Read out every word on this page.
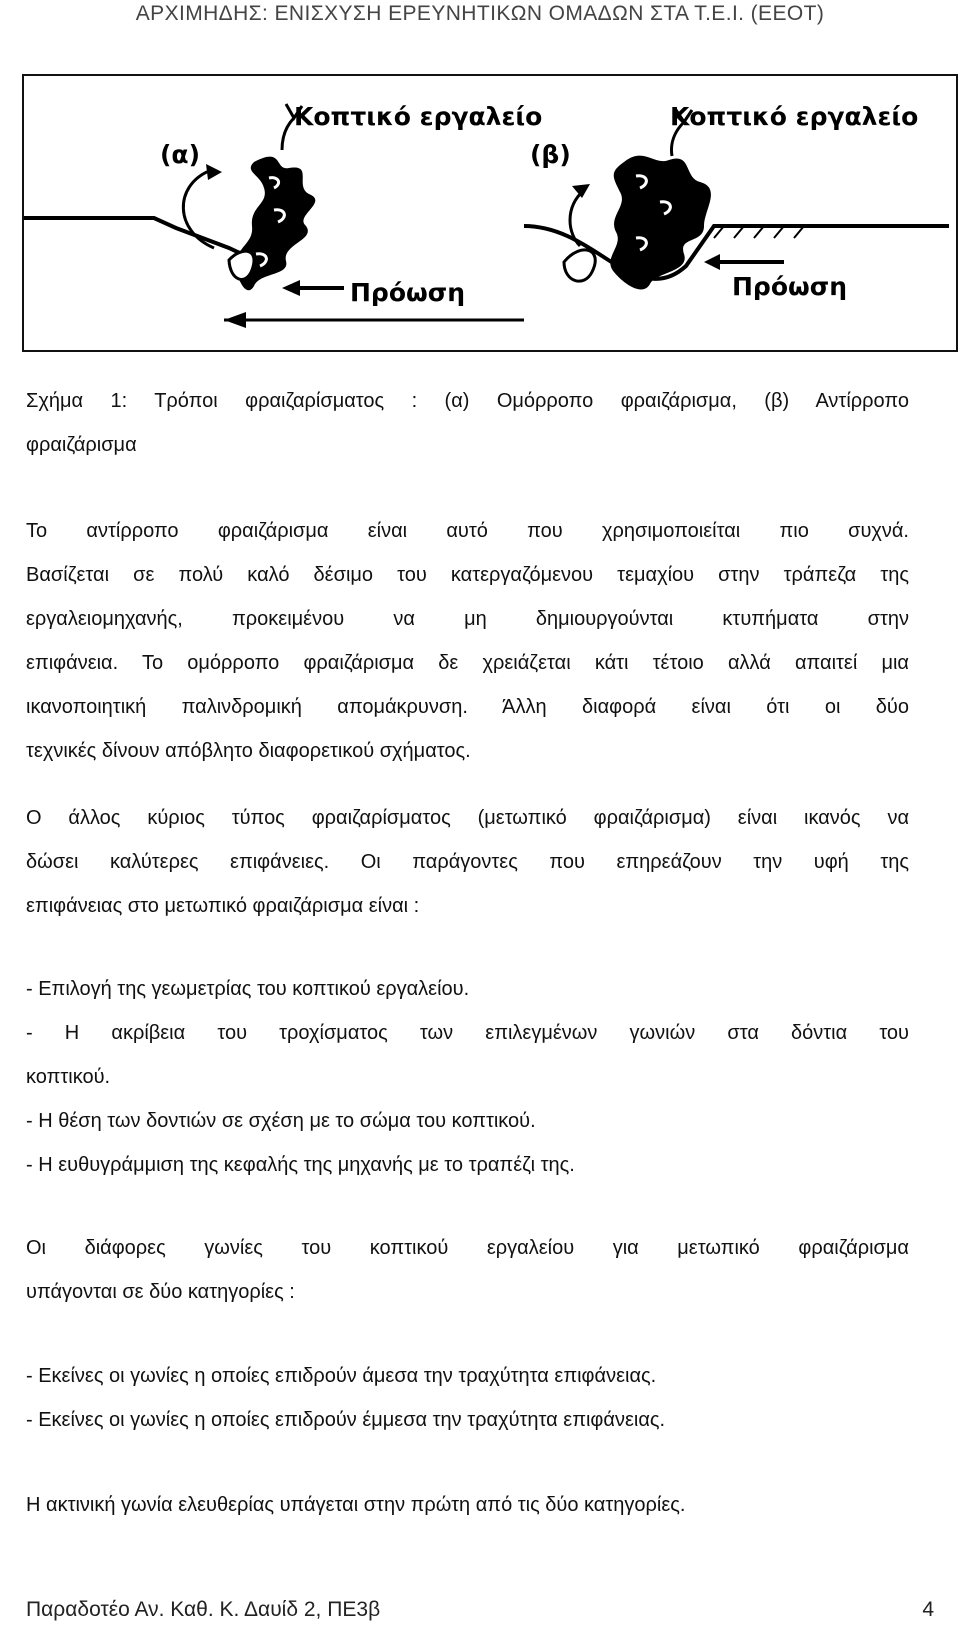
ΑΡΧΙΜΗΔΗΣ: ΕΝΙΣΧΥΣΗ ΕΡΕΥΝΗΤΙΚΩΝ ΟΜΑΔΩΝ ΣΤΑ Τ.Ε.Ι. (ΕΕΟΤ)
(α)
Κοπτικό εργαλείο
Πρόωση
(β)
Κοπτικό εργαλείο
Πρόωση

Σχήμα 1: Τρόποι φραιζαρίσματος : (α) Ομόρροπο φραιζάρισμα, (β) Αντίρροπο

φραιζάρισμα

Το αντίρροπο φραιζάρισμα είναι αυτό που χρησιμοποιείται πιο συχνά.

Βασίζεται σε πολύ καλό δέσιμο του κατεργαζόμενου τεμαχίου στην τράπεζα της

εργαλειομηχανής, προκειμένου να μη δημιουργούνται κτυπήματα στην

επιφάνεια. Το ομόρροπο φραιζάρισμα δε χρειάζεται κάτι τέτοιο αλλά απαιτεί μια

ικανοποιητική παλινδρομική απομάκρυνση. Άλλη διαφορά είναι ότι οι δύο

τεχνικές δίνουν απόβλητο διαφορετικού σχήματος.

Ο άλλος κύριος τύπος φραιζαρίσματος (μετωπικό φραιζάρισμα) είναι ικανός να

δώσει καλύτερες επιφάνειες. Οι παράγοντες που επηρεάζουν την υφή της

επιφάνειας στο μετωπικό φραιζάρισμα είναι :

- Επιλογή της γεωμετρίας του κοπτικού εργαλείου.

- Η ακρίβεια του τροχίσματος των επιλεγμένων γωνιών στα δόντια του

κοπτικού.

- Η θέση των δοντιών σε σχέση με το σώμα του κοπτικού.

- Η ευθυγράμμιση της κεφαλής της μηχανής με το τραπέζι της.

Οι διάφορες γωνίες του κοπτικού εργαλείου για μετωπικό φραιζάρισμα

υπάγονται σε δύο κατηγορίες :

- Εκείνες οι γωνίες η οποίες επιδρούν άμεσα την τραχύτητα επιφάνειας.

- Εκείνες οι γωνίες η οποίες επιδρούν έμμεσα την τραχύτητα επιφάνειας.

Η ακτινική γωνία ελευθερίας υπάγεται στην πρώτη από τις δύο κατηγορίες.

Παραδοτέο Αν. Καθ. Κ. Δαυίδ 2, ΠΕ3β	4
